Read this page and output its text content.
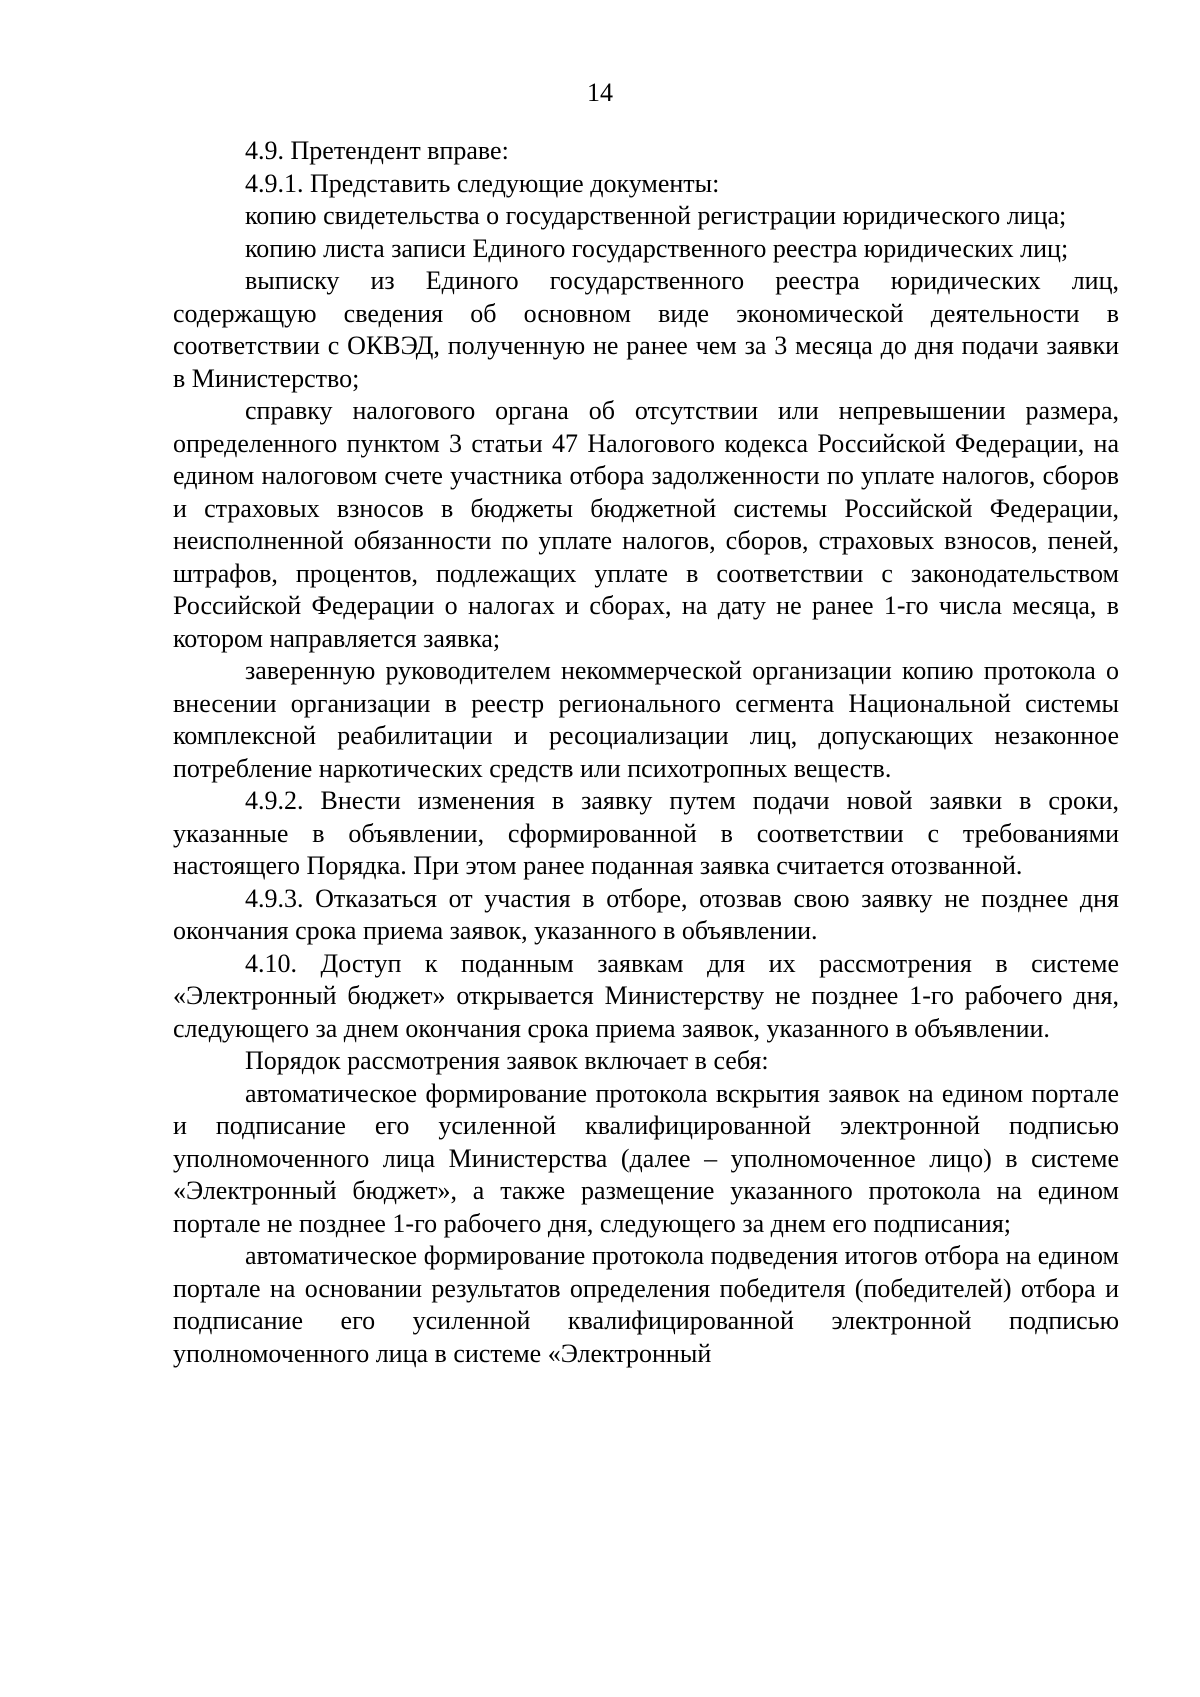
14

4.9. Претендент вправе:

4.9.1. Представить следующие документы:

копию свидетельства о государственной регистрации юридического лица;

копию листа записи Единого государственного реестра юридических лиц;

выписку из Единого государственного реестра юридических лиц, содержащую сведения об основном виде экономической деятельности в соответствии с ОКВЭД, полученную не ранее чем за 3 месяца до дня подачи заявки в Министерство;

справку налогового органа об отсутствии или непревышении размера, определенного пунктом 3 статьи 47 Налогового кодекса Российской Федерации, на едином налоговом счете участника отбора задолженности по уплате налогов, сборов и страховых взносов в бюджеты бюджетной системы Российской Федерации, неисполненной обязанности по уплате налогов, сборов, страховых взносов, пеней, штрафов, процентов, подлежащих уплате в соответствии с законодательством Российской Федерации о налогах и сборах, на дату не ранее 1-го числа месяца, в котором направляется заявка;

заверенную руководителем некоммерческой организации копию протокола о внесении организации в реестр регионального сегмента Национальной системы комплексной реабилитации и ресоциализации лиц, допускающих незаконное потребление наркотических средств или психотропных веществ.

4.9.2. Внести изменения в заявку путем подачи новой заявки в сроки, указанные в объявлении, сформированной в соответствии с требованиями настоящего Порядка. При этом ранее поданная заявка считается отозванной.

4.9.3. Отказаться от участия в отборе, отозвав свою заявку не позднее дня окончания срока приема заявок, указанного в объявлении.

4.10. Доступ к поданным заявкам для их рассмотрения в системе «Электронный бюджет» открывается Министерству не позднее 1-го рабочего дня, следующего за днем окончания срока приема заявок, указанного в объявлении.

Порядок рассмотрения заявок включает в себя:

автоматическое формирование протокола вскрытия заявок на едином портале и подписание его усиленной квалифицированной электронной подписью уполномоченного лица Министерства (далее – уполномоченное лицо) в системе «Электронный бюджет», а также размещение указанного протокола на едином портале не позднее 1-го рабочего дня, следующего за днем его подписания;

автоматическое формирование протокола подведения итогов отбора на едином портале на основании результатов определения победителя (победителей) отбора и подписание его усиленной квалифицированной электронной подписью уполномоченного лица в системе «Электронный
